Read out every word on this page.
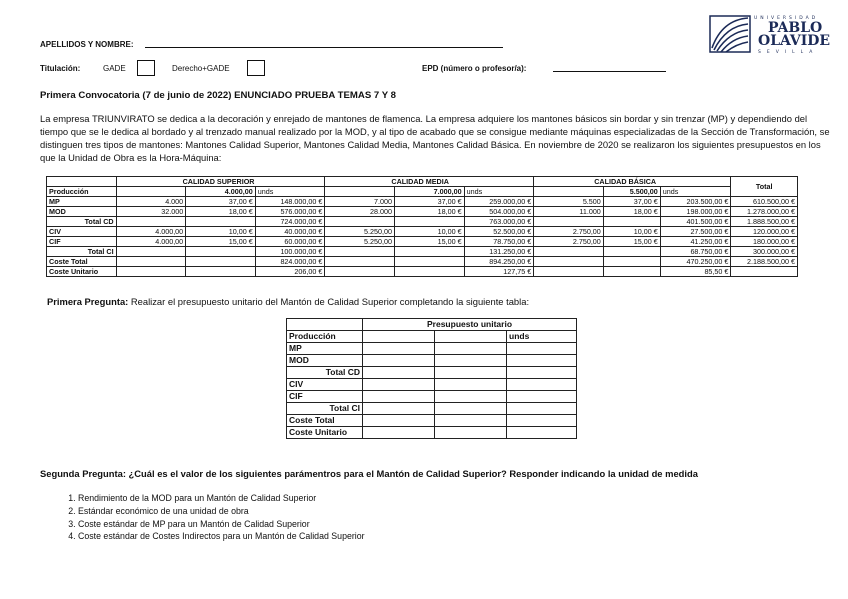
APELLIDOS Y NOMBRE:
Titulación:	GADE	Derecho+GADE	EPD (número o profesor/a):
UNIVERSIDAD
PABLO
OLAVIDE
SEVILLA
Primera Convocatoria (7 de junio de 2022) ENUNCIADO PRUEBA TEMAS 7 Y 8
La empresa TRIUNVIRATO se dedica a la decoración y enrejado de mantones de flamenca. La empresa adquiere los mantones básicos sin bordar y sin trenzar (MP) y dependiendo del tiempo que se le dedica al bordado y al trenzado manual realizado por la MOD, y al tipo de acabado que se consigue mediante máquinas especializadas de la Sección de Transformación, se distinguen tres tipos de mantones: Mantones Calidad Superior, Mantones Calidad Media, Mantones Calidad Básica. En noviembre de 2020 se realizaron los siguientes presupuestos en los que la Unidad de Obra es la Hora-Máquina:
	CALIDAD SUPERIOR			CALIDAD MEDIA			CALIDAD BÁSICA			Total
Producción		4.000,00	unds		7.000,00	unds		5.500,00	unds	
MP	4.000	37,00 €	148.000,00 €	7.000	37,00 €	259.000,00 €	5.500	37,00 €	203.500,00 €	610.500,00 €
MOD	32.000	18,00 €	576.000,00 €	28.000	18,00 €	504.000,00 €	11.000	18,00 €	198.000,00 €	1.278.000,00 €
Total CD			724.000,00 €			763.000,00 €			401.500,00 €	1.888.500,00 €
CIV	4.000,00	10,00 €	40.000,00 €	5.250,00	10,00 €	52.500,00 €	2.750,00	10,00 €	27.500,00 €	120.000,00 €
CIF	4.000,00	15,00 €	60.000,00 €	5.250,00	15,00 €	78.750,00 €	2.750,00	15,00 €	41.250,00 €	180.000,00 €
Total CI			100.000,00 €			131.250,00 €			68.750,00 €	300.000,00 €
Coste Total			824.000,00 €			894.250,00 €			470.250,00 €	2.188.500,00 €
Coste Unitario			206,00 €			127,75 €			85,50 €	
Primera Pregunta: Realizar el presupuesto unitario del Mantón de Calidad Superior completando la siguiente tabla:
	Presupuesto unitario		
Producción			unds
MP			
MOD			
Total CD			
CIV			
CIF			
Total CI			
Coste Total			
Coste Unitario			
Segunda Pregunta: ¿Cuál es el valor de los siguientes parámentros para el Mantón de Calidad Superior? Responder indicando la unidad de medida
1. Rendimiento de la MOD para un Mantón de Calidad Superior
2. Estándar económico de una unidad de obra
3. Coste estándar de MP para un Mantón de Calidad Superior
4. Coste estándar de Costes Indirectos para un Mantón de Calidad Superior
